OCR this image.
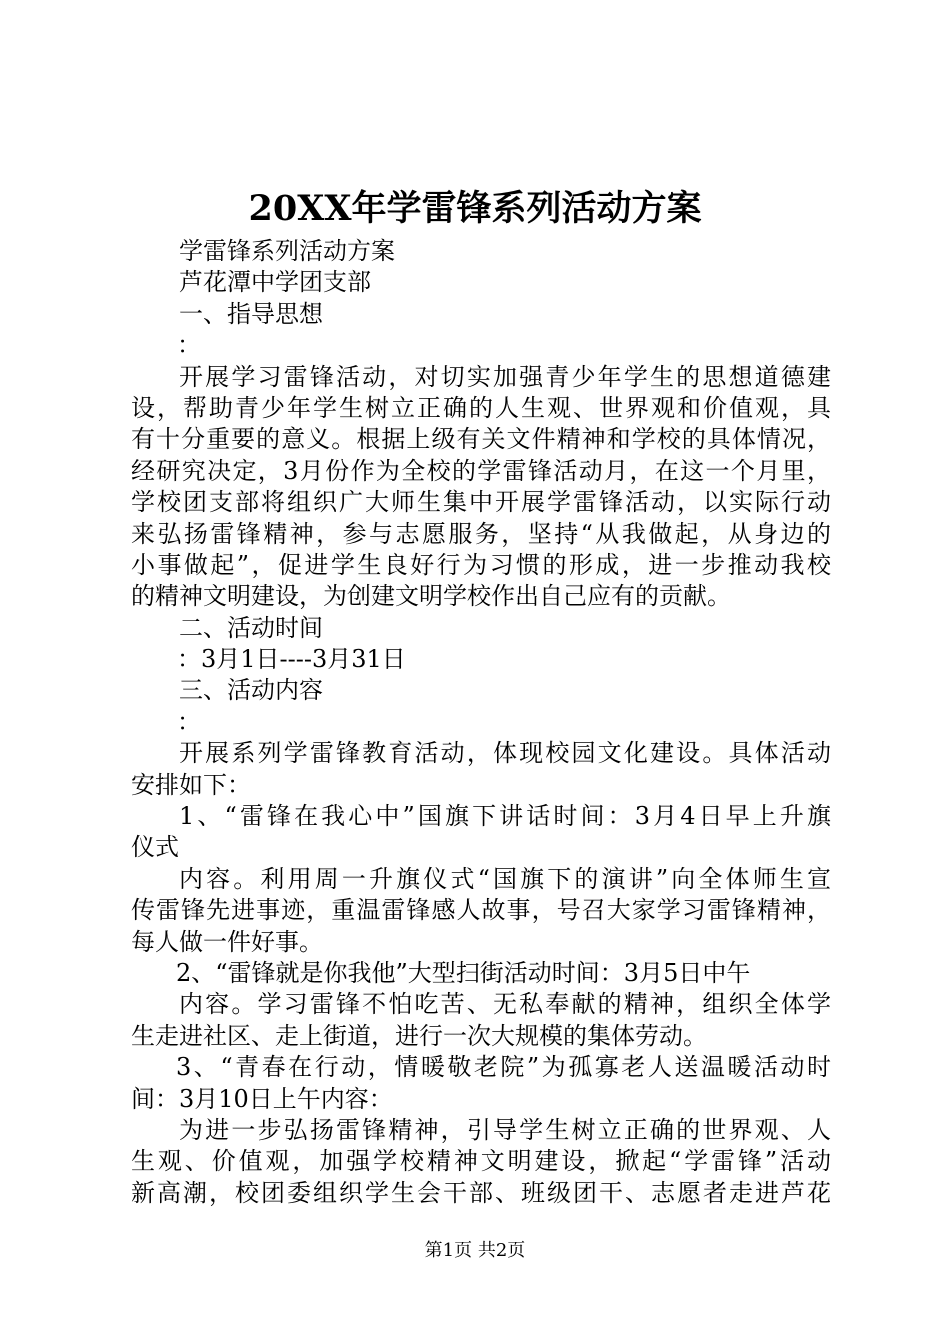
20XX年学雷锋系列活动方案
学雷锋系列活动方案
芦花潭中学团支部
一、指导思想
：
开展学习雷锋活动，对切实加强青少年学生的思想道德建
设，帮助青少年学生树立正确的人生观、世界观和价值观，具
有十分重要的意义。根据上级有关文件精神和学校的具体情况，
经研究决定，3月份作为全校的学雷锋活动月，在这一个月里，
学校团支部将组织广大师生集中开展学雷锋活动，以实际行动
来弘扬雷锋精神，参与志愿服务，坚持“从我做起，从身边的
小事做起”，促进学生良好行为习惯的形成，进一步推动我校
的精神文明建设，为创建文明学校作出自己应有的贡献。
二、活动时间
：3月1日----3月31日
三、活动内容
：
开展系列学雷锋教育活动，体现校园文化建设。具体活动
安排如下：
1、“雷锋在我心中”国旗下讲话时间：3月4日早上升旗
仪式
内容。利用周一升旗仪式“国旗下的演讲”向全体师生宣
传雷锋先进事迹，重温雷锋感人故事，号召大家学习雷锋精神，
每人做一件好事。
2、“雷锋就是你我他”大型扫街活动时间：3月5日中午
内容。学习雷锋不怕吃苦、无私奉献的精神，组织全体学
生走进社区、走上街道，进行一次大规模的集体劳动。
3、“青春在行动，情暖敬老院”为孤寡老人送温暖活动时
间：3月10日上午内容：
为进一步弘扬雷锋精神，引导学生树立正确的世界观、人
生观、价值观，加强学校精神文明建设，掀起“学雷锋”活动
新高潮，校团委组织学生会干部、班级团干、志愿者走进芦花
第1页 共2页
